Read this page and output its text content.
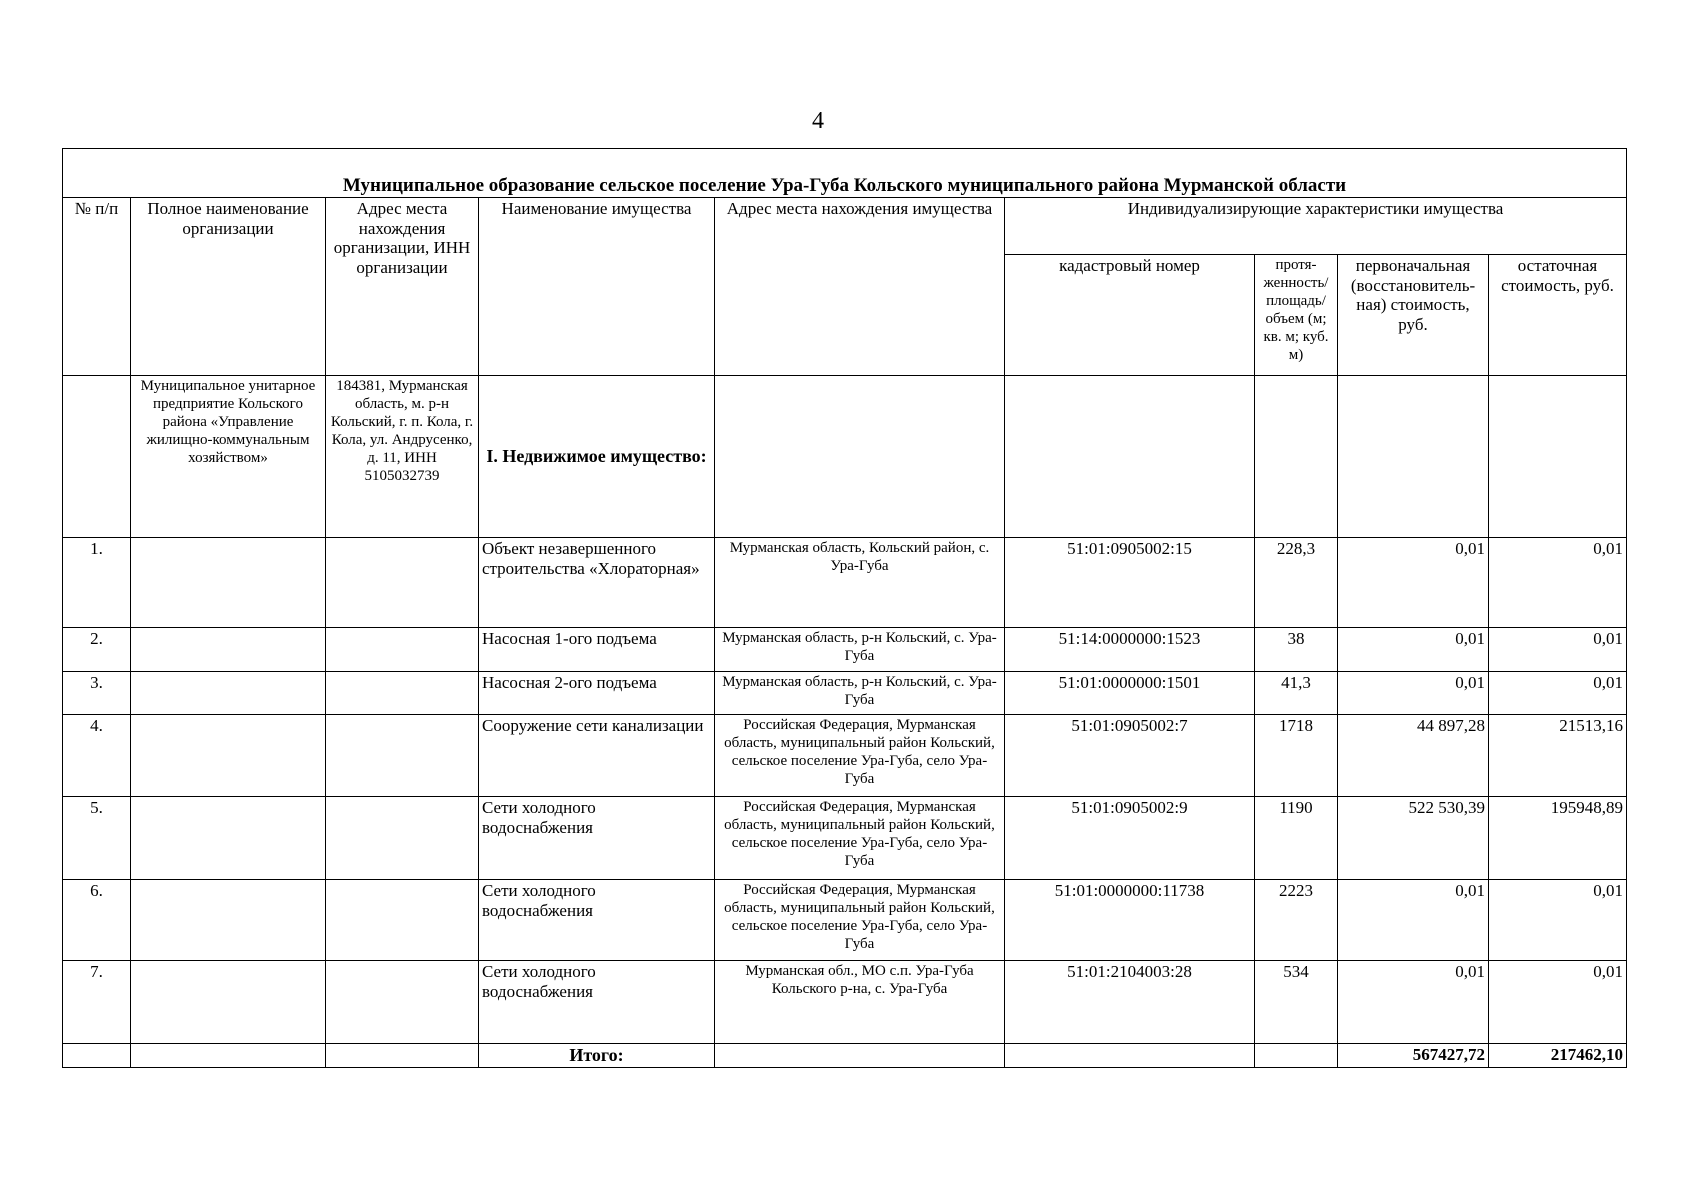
4
Муниципальное образование сельское поселение Ура-Губа Кольского муниципального района Мурманской области								
№ п/п	Полное наименование организации	Адрес места нахождения организации, ИНН организации	Наименование имущества	Адрес места нахождения имущества	Индивидуализирующие характеристики имущества			
					кадастровый номер	протя-женность/ площадь/ объем (м; кв. м; куб. м)	первоначальная (восстановитель-ная) стоимость, руб.	остаточная стоимость, руб.
	Муниципальное унитарное предприятие Кольского района «Управление жилищно-коммунальным хозяйством»	184381, Мурманская область, м. р-н Кольский, г. п. Кола, г. Кола, ул. Андрусенко, д. 11, ИНН 5105032739	I. Недвижимое имущество:					
1.			Объект незавершенного строительства «Хлораторная»	Мурманская область, Кольский район, с. Ура-Губа	51:01:0905002:15	228,3	0,01	0,01
2.			Насосная 1-ого подъема	Мурманская область, р-н Кольский, с. Ура-Губа	51:14:0000000:1523	38	0,01	0,01
3.			Насосная 2-ого подъема	Мурманская область, р-н Кольский, с. Ура-Губа	51:01:0000000:1501	41,3	0,01	0,01
4.			Сооружение сети канализации	Российская Федерация, Мурманская область, муниципальный район Кольский, сельское поселение Ура-Губа, село Ура-Губа	51:01:0905002:7	1718	44 897,28	21513,16
5.			Сети холодного водоснабжения	Российская Федерация, Мурманская область, муниципальный район Кольский, сельское поселение Ура-Губа, село Ура-Губа	51:01:0905002:9	1190	522 530,39	195948,89
6.			Сети холодного водоснабжения	Российская Федерация, Мурманская область, муниципальный район Кольский, сельское поселение Ура-Губа, село Ура-Губа	51:01:0000000:11738	2223	0,01	0,01
7.			Сети холодного водоснабжения	Мурманская обл., МО с.п. Ура-Губа Кольского р-на, с. Ура-Губа	51:01:2104003:28	534	0,01	0,01
			Итого:				567427,72	217462,10
